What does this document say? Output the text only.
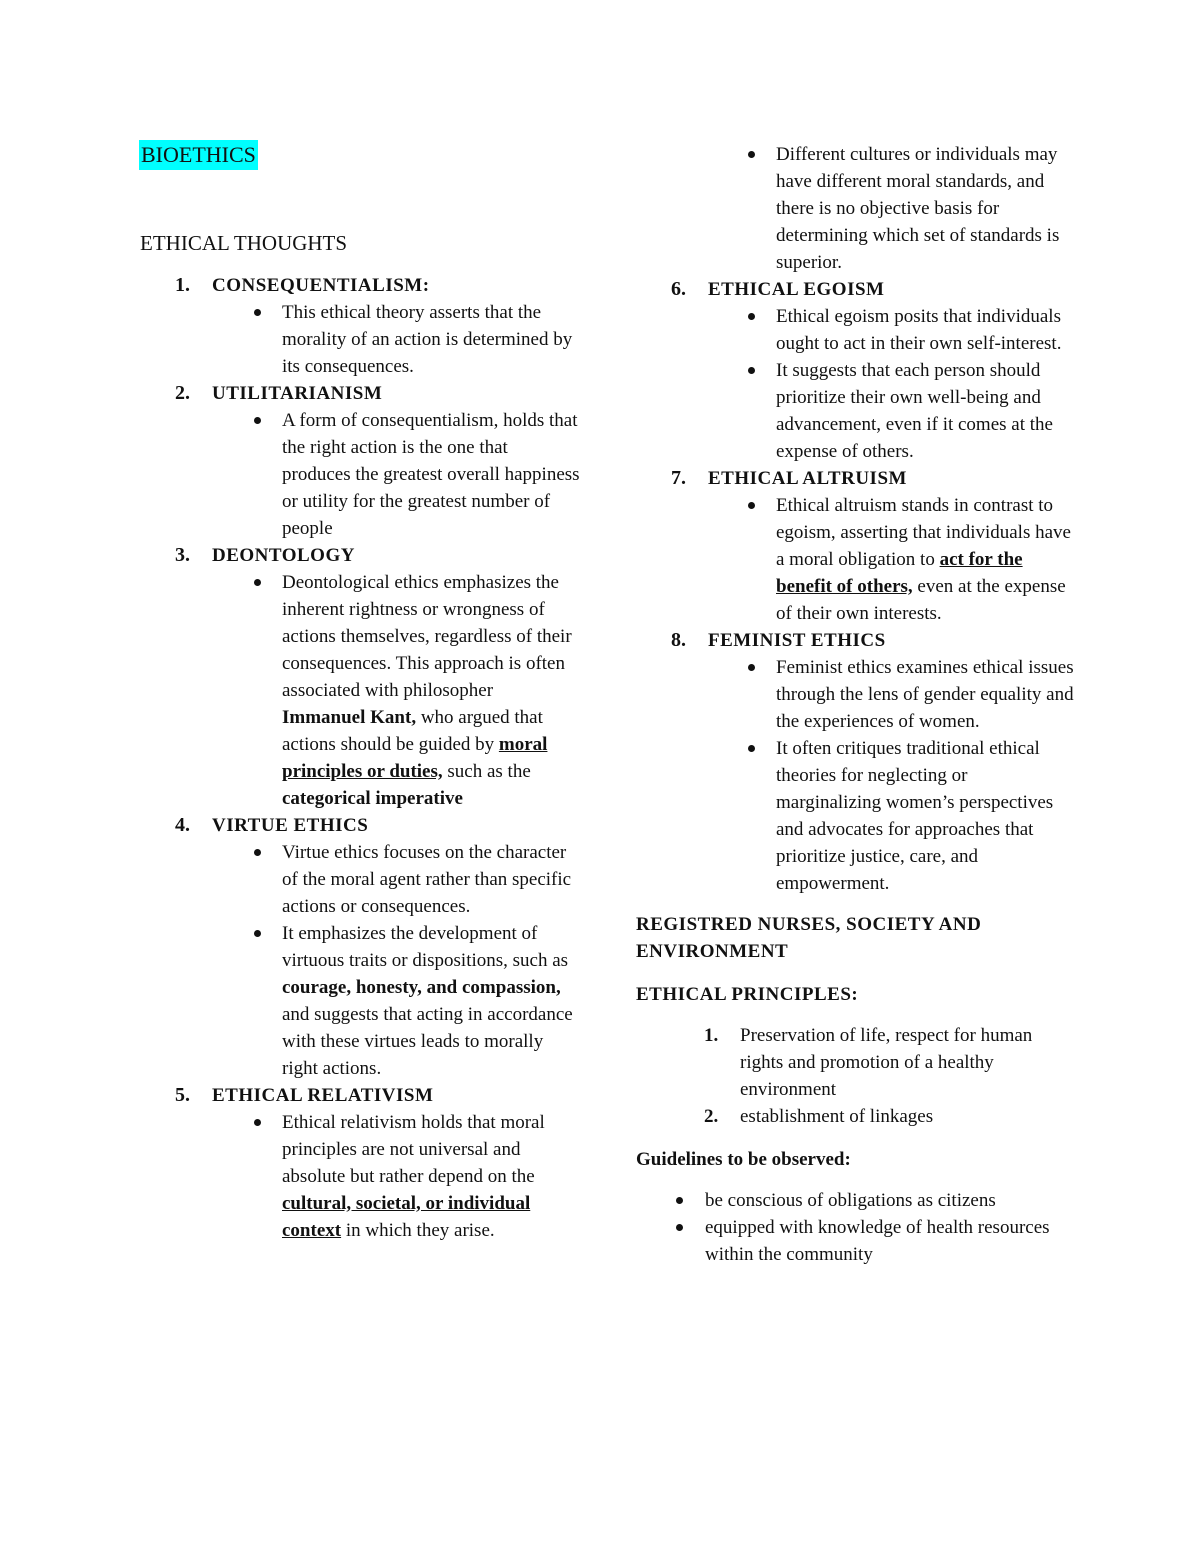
BIOETHICS
ETHICAL THOUGHTS
1. CONSEQUENTIALISM:
This ethical theory asserts that the morality of an action is determined by its consequences.
2. UTILITARIANISM
A form of consequentialism, holds that the right action is the one that produces the greatest overall happiness or utility for the greatest number of people
3. DEONTOLOGY
Deontological ethics emphasizes the inherent rightness or wrongness of actions themselves, regardless of their consequences. This approach is often associated with philosopher Immanuel Kant, who argued that actions should be guided by moral principles or duties, such as the categorical imperative
4. VIRTUE ETHICS
Virtue ethics focuses on the character of the moral agent rather than specific actions or consequences.
It emphasizes the development of virtuous traits or dispositions, such as courage, honesty, and compassion, and suggests that acting in accordance with these virtues leads to morally right actions.
5. ETHICAL RELATIVISM
Ethical relativism holds that moral principles are not universal and absolute but rather depend on the cultural, societal, or individual context in which they arise.
Different cultures or individuals may have different moral standards, and there is no objective basis for determining which set of standards is superior.
6. ETHICAL EGOISM
Ethical egoism posits that individuals ought to act in their own self-interest.
It suggests that each person should prioritize their own well-being and advancement, even if it comes at the expense of others.
7. ETHICAL ALTRUISM
Ethical altruism stands in contrast to egoism, asserting that individuals have a moral obligation to act for the benefit of others, even at the expense of their own interests.
8. FEMINIST ETHICS
Feminist ethics examines ethical issues through the lens of gender equality and the experiences of women.
It often critiques traditional ethical theories for neglecting or marginalizing women’s perspectives and advocates for approaches that prioritize justice, care, and empowerment.
REGISTRED NURSES, SOCIETY AND ENVIRONMENT
ETHICAL PRINCIPLES:
1. Preservation of life, respect for human rights and promotion of a healthy environment
2. establishment of linkages
Guidelines to be observed:
be conscious of obligations as citizens
equipped with knowledge of health resources within the community
